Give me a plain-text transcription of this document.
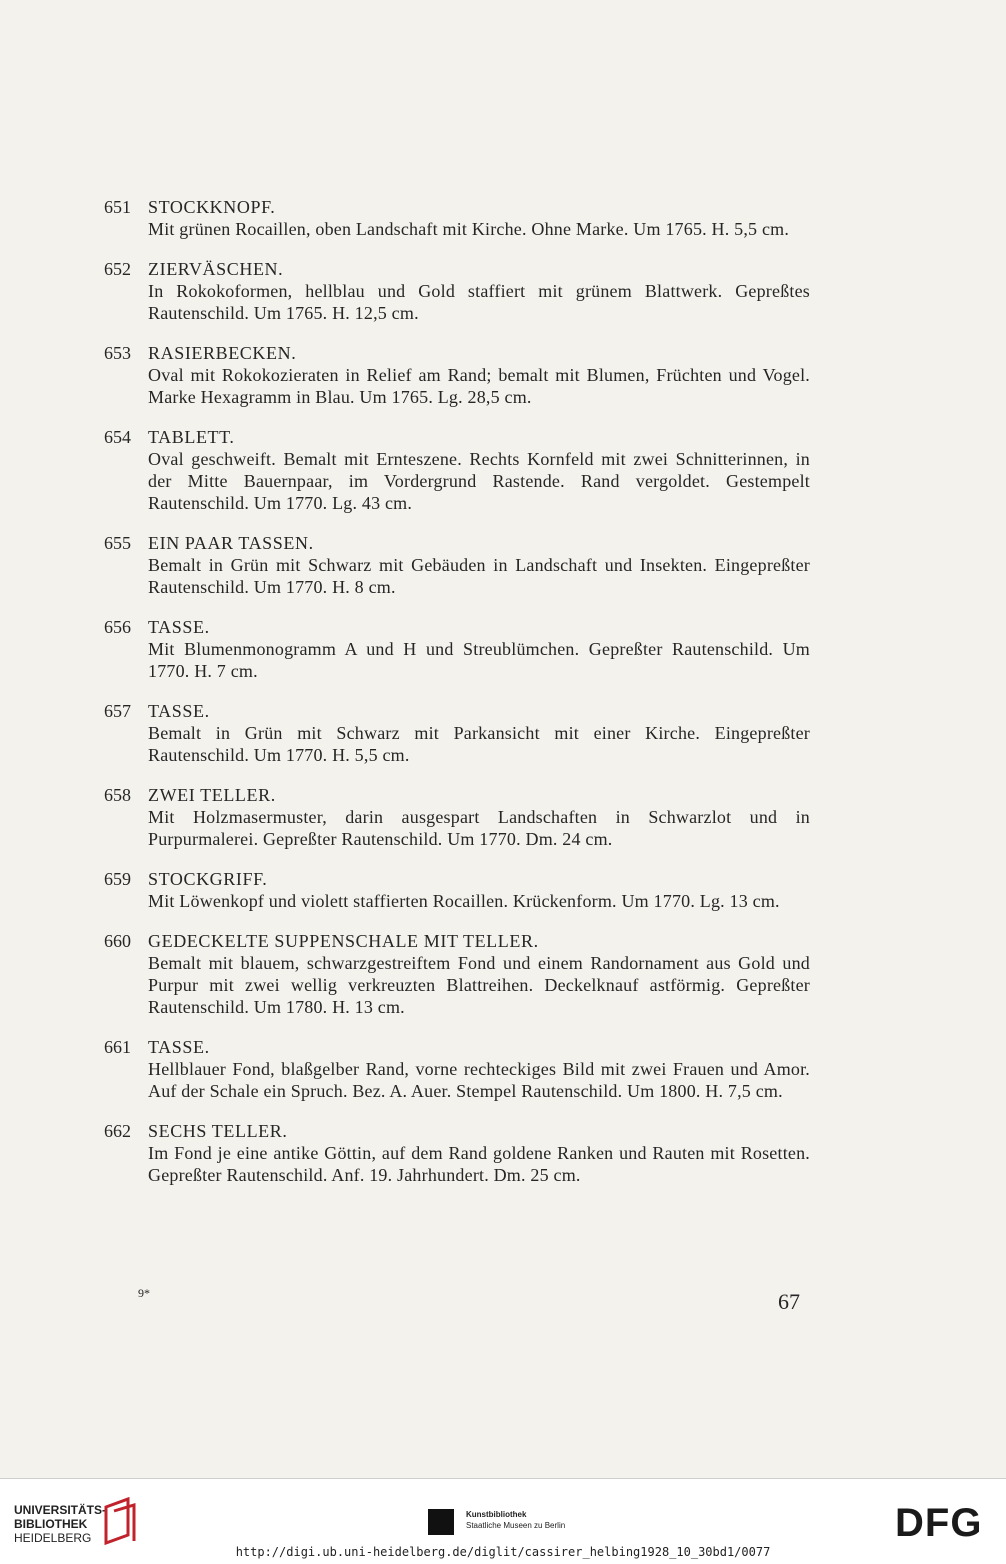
651 STOCKKNOPF.
Mit grünen Rocaillen, oben Landschaft mit Kirche. Ohne Marke. Um 1765. H. 5,5 cm.
652 ZIERVÄSCHEN.
In Rokokoformen, hellblau und Gold staffiert mit grünem Blattwerk. Gepreßtes Rautenschild. Um 1765. H. 12,5 cm.
653 RASIERBECKEN.
Oval mit Rokokozieraten in Relief am Rand; bemalt mit Blumen, Früchten und Vogel. Marke Hexagramm in Blau. Um 1765. Lg. 28,5 cm.
654 TABLETT.
Oval geschweift. Bemalt mit Ernteszene. Rechts Kornfeld mit zwei Schnitterinnen, in der Mitte Bauernpaar, im Vordergrund Rastende. Rand vergoldet. Gestempelt Rautenschild. Um 1770. Lg. 43 cm.
655 EIN PAAR TASSEN.
Bemalt in Grün mit Schwarz mit Gebäuden in Landschaft und Insekten. Eingepreßter Rautenschild. Um 1770. H. 8 cm.
656 TASSE.
Mit Blumenmonogramm A und H und Streublümchen. Gepreßter Rautenschild. Um 1770. H. 7 cm.
657 TASSE.
Bemalt in Grün mit Schwarz mit Parkansicht mit einer Kirche. Eingepreßter Rautenschild. Um 1770. H. 5,5 cm.
658 ZWEI TELLER.
Mit Holzmasermuster, darin ausgespart Landschaften in Schwarzlot und in Purpurmalerei. Gepreßter Rautenschild. Um 1770. Dm. 24 cm.
659 STOCKGRIFF.
Mit Löwenkopf und violett staffierten Rocaillen. Krückenform. Um 1770. Lg. 13 cm.
660 GEDECKELTE SUPPENSCHALE MIT TELLER.
Bemalt mit blauem, schwarzgestreiftem Fond und einem Randornament aus Gold und Purpur mit zwei wellig verkreuzten Blattreihen. Deckelknauf astförmig. Gepreßter Rautenschild. Um 1780. H. 13 cm.
661 TASSE.
Hellblauer Fond, blaßgelber Rand, vorne rechteckiges Bild mit zwei Frauen und Amor. Auf der Schale ein Spruch. Bez. A. Auer. Stempel Rautenschild. Um 1800. H. 7,5 cm.
662 SECHS TELLER.
Im Fond je eine antike Göttin, auf dem Rand goldene Ranken und Rauten mit Rosetten. Gepreßter Rautenschild. Anf. 19. Jahrhundert. Dm. 25 cm.
9*	67
UNIVERSITÄTS-
BIBLIOTHEK
HEIDELBERG
Kunstbibliothek
Staatliche Museen zu Berlin	DFG
http://digi.ub.uni-heidelberg.de/diglit/cassirer_helbing1928_10_30bd1/0077
